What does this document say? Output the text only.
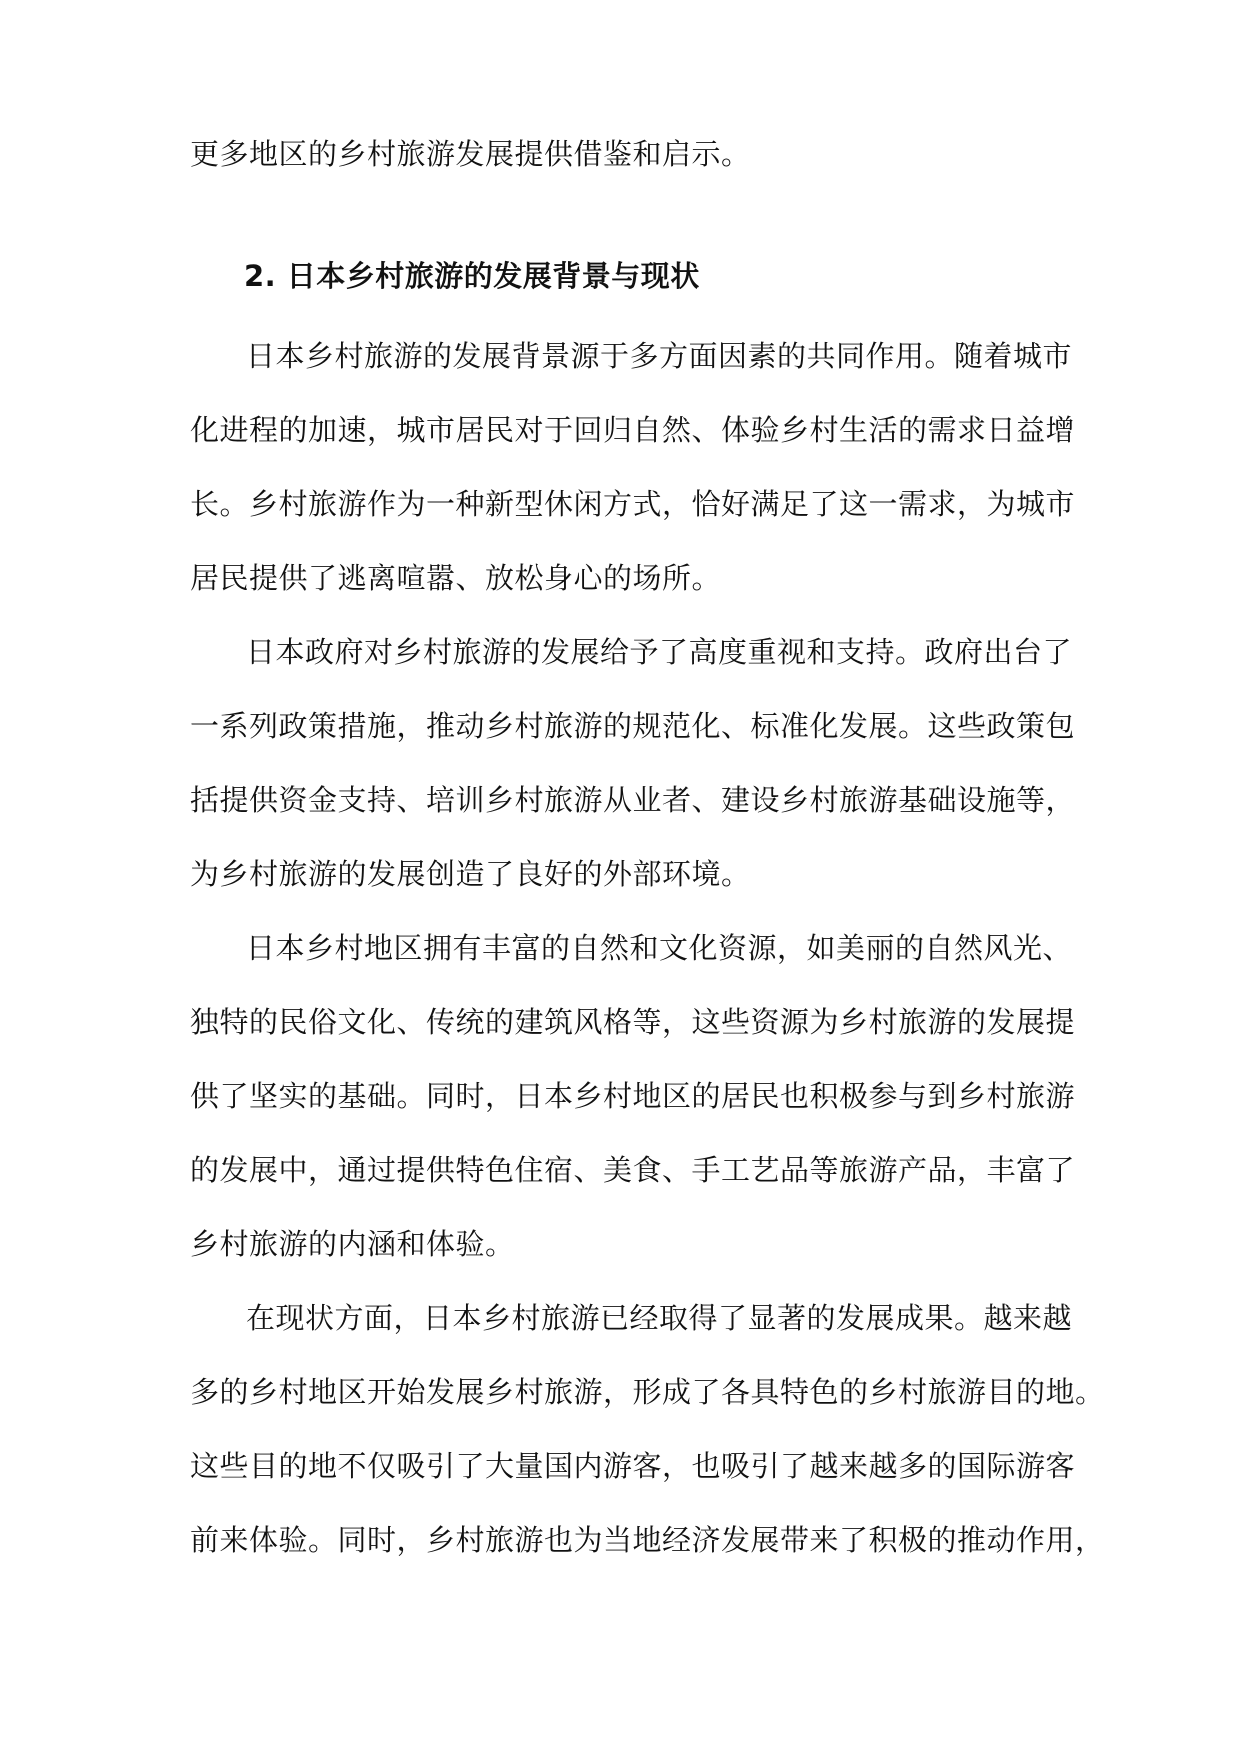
更多地区的乡村旅游发展提供借鉴和启示。
2. 日本乡村旅游的发展背景与现状
日本乡村旅游的发展背景源于多方面因素的共同作用。随着城市
化进程的加速，城市居民对于回归自然、体验乡村生活的需求日益增
长。乡村旅游作为一种新型休闲方式，恰好满足了这一需求，为城市
居民提供了逃离喧嚣、放松身心的场所。
日本政府对乡村旅游的发展给予了高度重视和支持。政府出台了
一系列政策措施，推动乡村旅游的规范化、标准化发展。这些政策包
括提供资金支持、培训乡村旅游从业者、建设乡村旅游基础设施等，
为乡村旅游的发展创造了良好的外部环境。
日本乡村地区拥有丰富的自然和文化资源，如美丽的自然风光、
独特的民俗文化、传统的建筑风格等，这些资源为乡村旅游的发展提
供了坚实的基础。同时，日本乡村地区的居民也积极参与到乡村旅游
的发展中，通过提供特色住宿、美食、手工艺品等旅游产品，丰富了
乡村旅游的内涵和体验。
在现状方面，日本乡村旅游已经取得了显著的发展成果。越来越
多的乡村地区开始发展乡村旅游，形成了各具特色的乡村旅游目的地。
这些目的地不仅吸引了大量国内游客，也吸引了越来越多的国际游客
前来体验。同时，乡村旅游也为当地经济发展带来了积极的推动作用，
